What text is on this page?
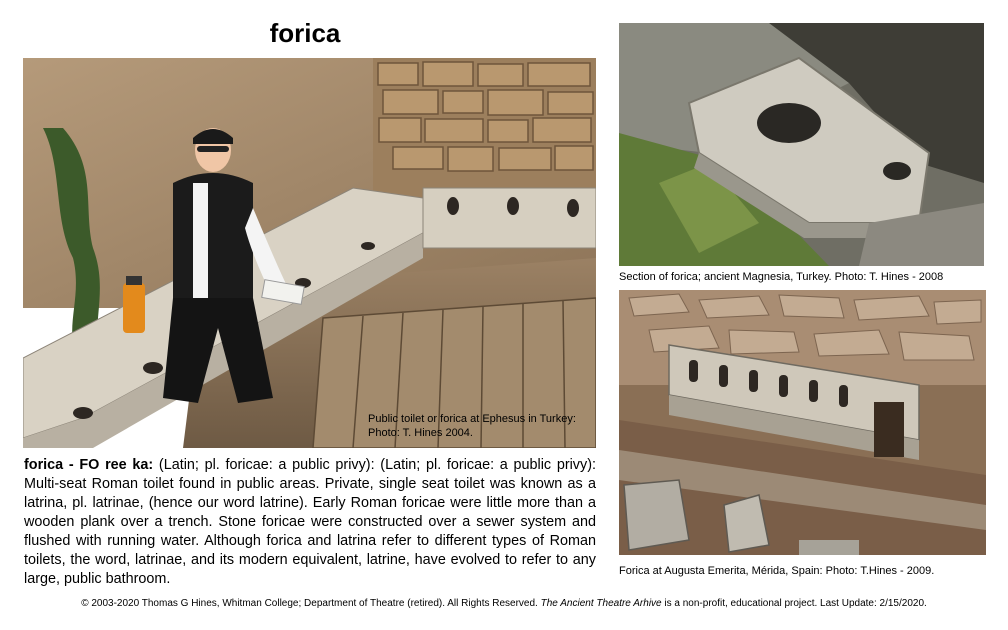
forica
Public toilet or forica at Ephesus in Turkey:
Photo: T. Hines 2004.
Section of forica; ancient Magnesia, Turkey. Photo: T. Hines - 2008
Forica at Augusta Emerita, Mérida, Spain: Photo: T.Hines - 2009.
forica - FO ree ka: (Latin; pl. foricae: a public privy): (Latin; pl. foricae: a public privy): Multi-seat Roman toilet found in public areas. Private, single seat toilet was known as a latrina, pl. latrinae, (hence our word latrine). Early Roman foricae were little more than a wooden plank over a trench. Stone foricae were constructed over a sewer system and flushed with running water. Although forica and latrina refer to different types of Roman toilets, the word, latrinae, and its modern equivalent, latrine, have evolved to refer to any large, public bathroom.
© 2003-2020 Thomas G Hines, Whitman College; Department of Theatre (retired). All Rights Reserved. The Ancient Theatre Arhive is a non-profit, educational project. Last Update: 2/15/2020.
